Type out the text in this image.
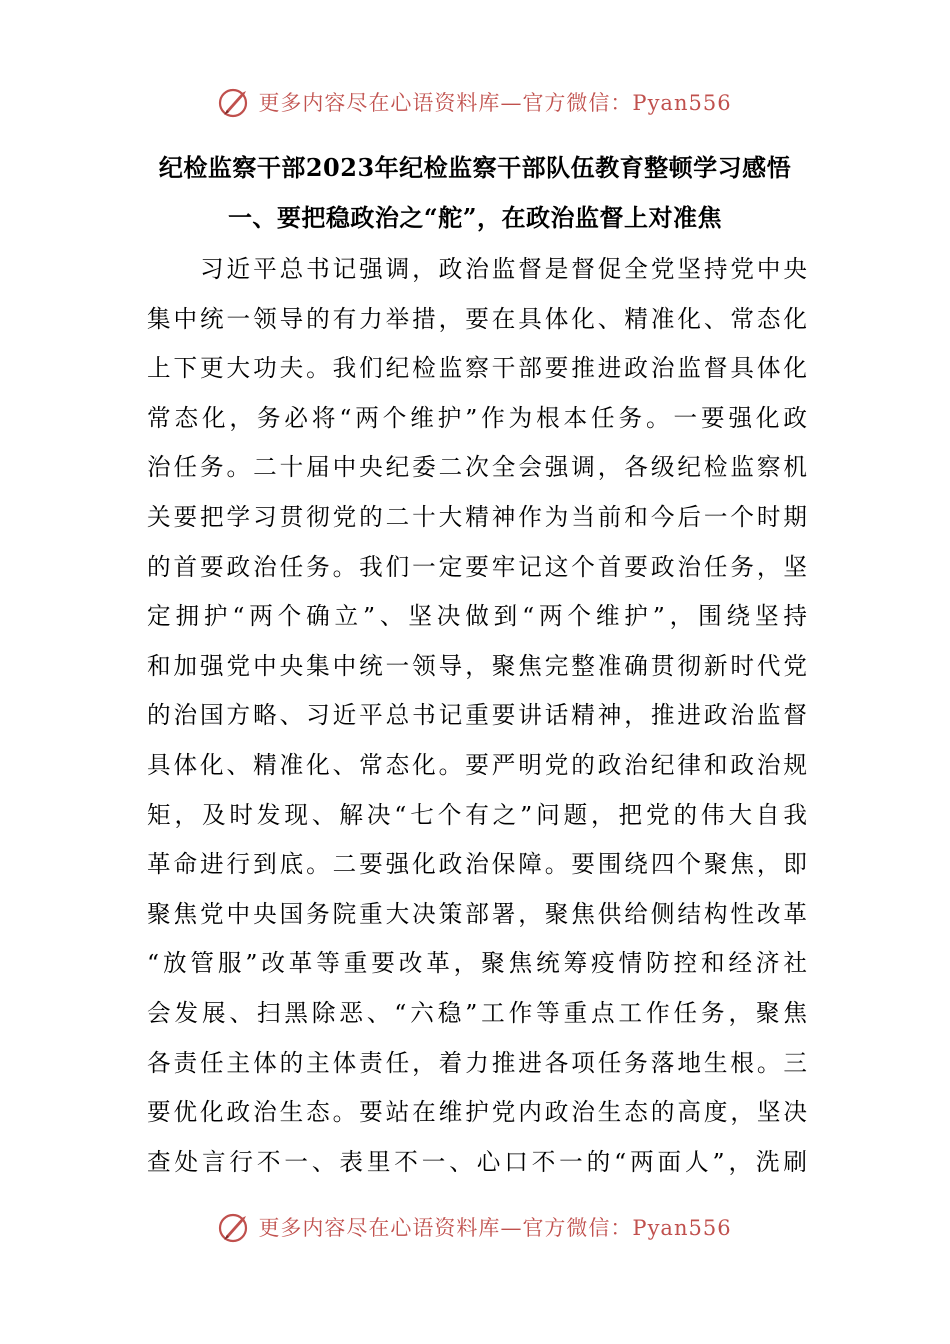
更多内容尽在心语资料库—官方微信：Pyan556
纪检监察干部2023年纪检监察干部队伍教育整顿学习感悟
一、要把稳政治之“舵”，在政治监督上对准焦
　　习近平总书记强调，政治监督是督促全党坚持党中央
集中统一领导的有力举措，要在具体化、精准化、常态化
上下更大功夫。我们纪检监察干部要推进政治监督具体化
常态化，务必将“两个维护”作为根本任务。一要强化政
治任务。二十届中央纪委二次全会强调，各级纪检监察机
关要把学习贯彻党的二十大精神作为当前和今后一个时期
的首要政治任务。我们一定要牢记这个首要政治任务，坚
定拥护“两个确立”、坚决做到“两个维护”，围绕坚持
和加强党中央集中统一领导，聚焦完整准确贯彻新时代党
的治国方略、习近平总书记重要讲话精神，推进政治监督
具体化、精准化、常态化。要严明党的政治纪律和政治规
矩，及时发现、解决“七个有之”问题，把党的伟大自我
革命进行到底。二要强化政治保障。要围绕四个聚焦，即
聚焦党中央国务院重大决策部署，聚焦供给侧结构性改革
“放管服”改革等重要改革，聚焦统筹疫情防控和经济社
会发展、扫黑除恶、“六稳”工作等重点工作任务，聚焦
各责任主体的主体责任，着力推进各项任务落地生根。三
要优化政治生态。要站在维护党内政治生态的高度，坚决
查处言行不一、表里不一、心口不一的“两面人”，洗刷
更多内容尽在心语资料库—官方微信：Pyan556
